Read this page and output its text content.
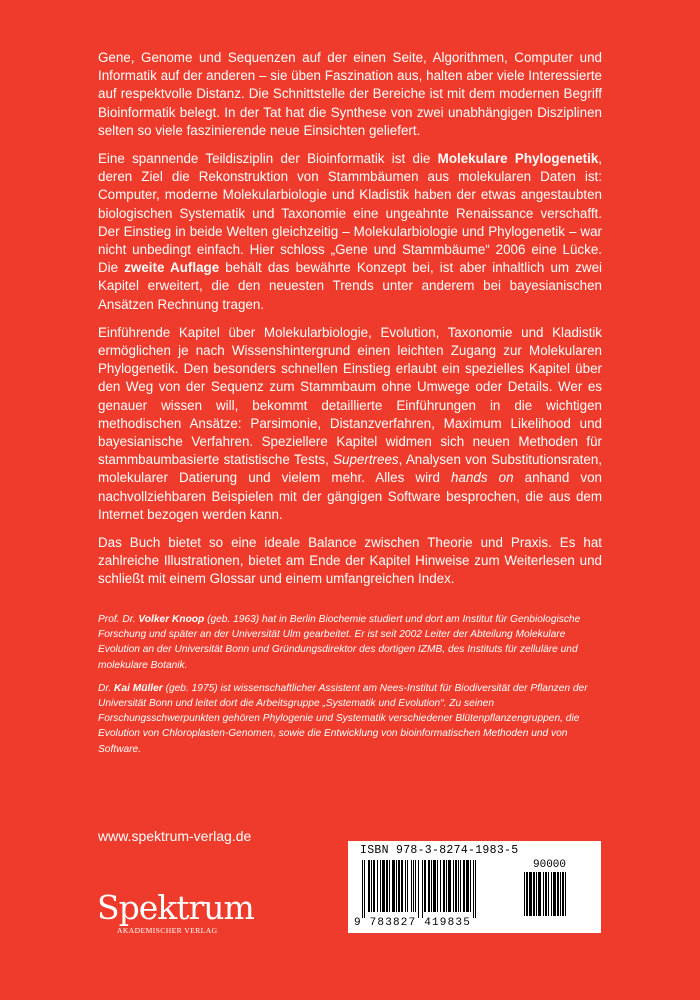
Gene, Genome und Sequenzen auf der einen Seite, Algorithmen, Computer und Informatik auf der anderen – sie üben Faszination aus, halten aber viele Interessierte auf respektvolle Distanz. Die Schnittstelle der Bereiche ist mit dem modernen Begriff Bioinformatik belegt. In der Tat hat die Synthese von zwei unabhängigen Disziplinen selten so viele faszinierende neue Einsichten geliefert.

Eine spannende Teildisziplin der Bioinformatik ist die Molekulare Phylogenetik, deren Ziel die Rekonstruktion von Stammbäumen aus molekularen Daten ist: Computer, moderne Molekularbiologie und Kladistik haben der etwas angestaubten biologischen Systematik und Taxonomie eine ungeahnte Renaissance verschafft. Der Einstieg in beide Welten gleichzeitig – Molekularbiologie und Phylogenetik – war nicht unbedingt einfach. Hier schloss „Gene und Stammbäume“ 2006 eine Lücke. Die zweite Auflage behält das bewährte Konzept bei, ist aber inhaltlich um zwei Kapitel erweitert, die den neuesten Trends unter anderem bei bayesianischen Ansätzen Rechnung tragen.

Einführende Kapitel über Molekularbiologie, Evolution, Taxonomie und Kladistik ermöglichen je nach Wissenshintergrund einen leichten Zugang zur Molekularen Phylogenetik. Den besonders schnellen Einstieg erlaubt ein spezielles Kapitel über den Weg von der Sequenz zum Stammbaum ohne Umwege oder Details. Wer es genauer wissen will, bekommt detaillierte Einführungen in die wichtigen methodischen Ansätze: Parsimonie, Distanzverfahren, Maximum Likelihood und bayesianische Verfahren. Speziellere Kapitel widmen sich neuen Methoden für stammbaumbasierte statistische Tests, Supertrees, Analysen von Substitutionsraten, molekularer Datierung und vielem mehr. Alles wird hands on anhand von nachvollziehbaren Beispielen mit der gängigen Software besprochen, die aus dem Internet bezogen werden kann.

Das Buch bietet so eine ideale Balance zwischen Theorie und Praxis. Es hat zahlreiche Illustrationen, bietet am Ende der Kapitel Hinweise zum Weiterlesen und schließt mit einem Glossar und einem umfangreichen Index.

Prof. Dr. Volker Knoop (geb. 1963) hat in Berlin Biochemie studiert und dort am Institut für Genbiologische Forschung und später an der Universität Ulm gearbeitet. Er ist seit 2002 Leiter der Abteilung Molekulare Evolution an der Universität Bonn und Gründungsdirektor des dortigen IZMB, des Instituts für zelluläre und molekulare Botanik.

Dr. Kai Müller (geb. 1975) ist wissenschaftlicher Assistent am Nees-Institut für Biodiversität der Pflanzen der Universität Bonn und leitet dort die Arbeitsgruppe „Systematik und Evolution“. Zu seinen Forschungsschwerpunkten gehören Phylogenie und Systematik verschiedener Blütenpflanzengruppen, die Evolution von Chloroplasten-Genomen, sowie die Entwicklung von bioinformatischen Methoden und von Software.

www.spektrum-verlag.de
Spektrum
AKADEMISCHER VERLAG
ISBN 978-3-8274-1983-5
90000
9 783827 419835
